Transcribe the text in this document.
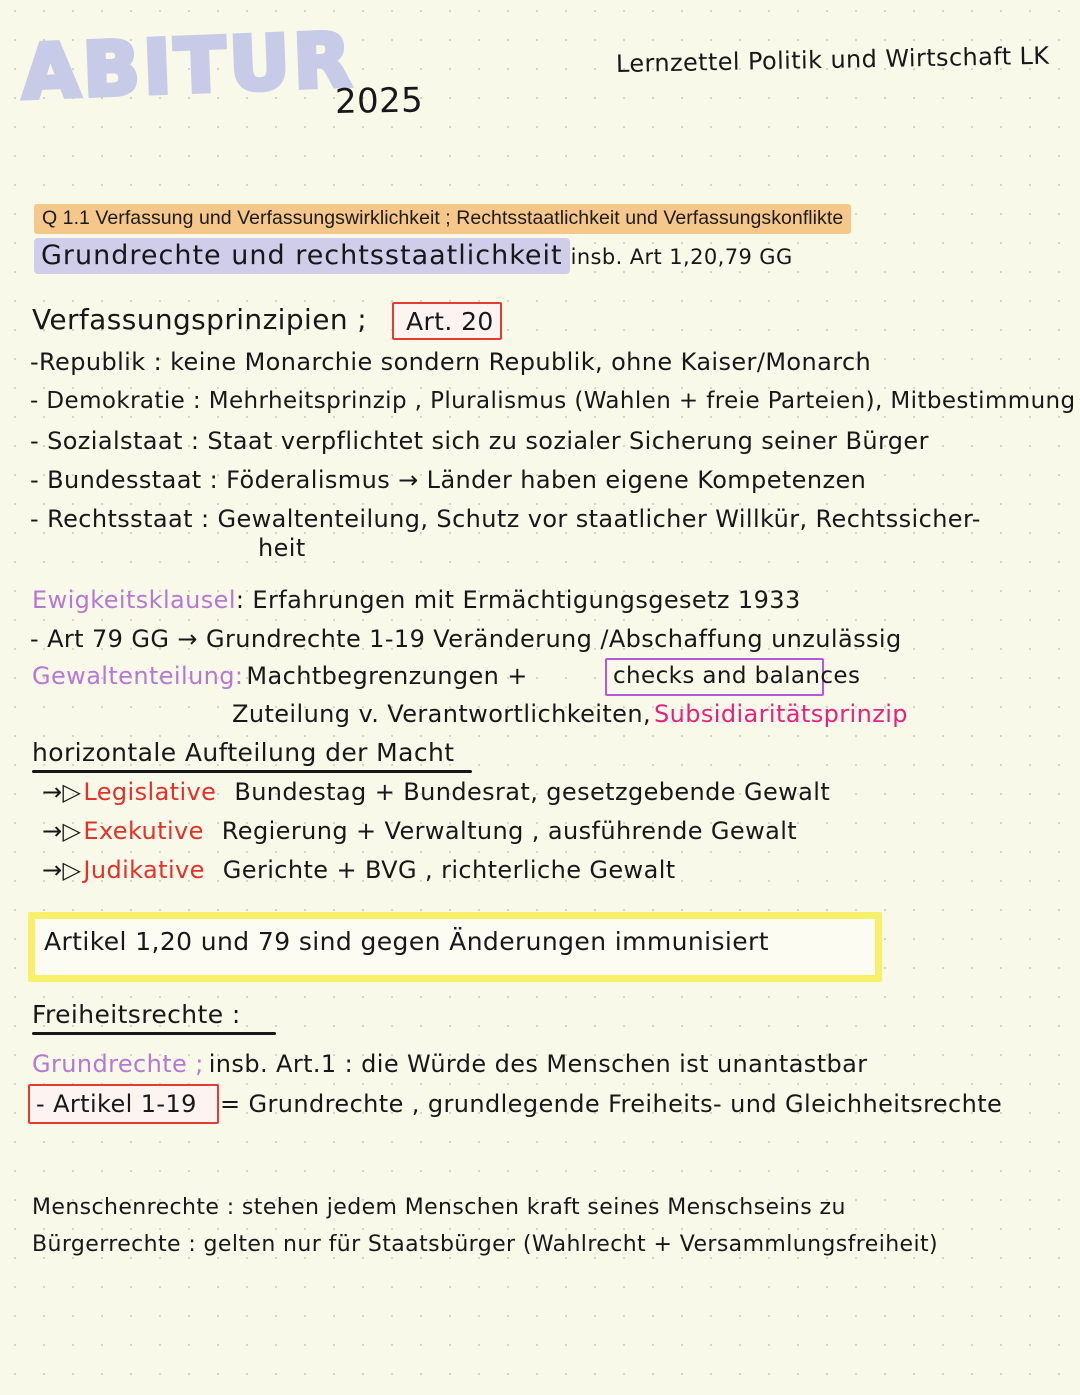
ABITUR
2025
Lernzettel Politik und Wirtschaft LK
Q 1.1 Verfassung und Verfassungswirklichkeit ; Rechtsstaatlichkeit und Verfassungskonflikte
Grundrechte und rechtsstaatlichkeit insb. Art 1,20,79 GG
Verfassungsprinzipien ; Art. 20
-Republik : keine Monarchie sondern Republik, ohne Kaiser/Monarch
- Demokratie : Mehrheitsprinzip , Pluralismus (Wahlen + freie Parteien), Mitbestimmung
- Sozialstaat : Staat verpflichtet sich zu sozialer Sicherung seiner Bürger
- Bundesstaat : Föderalismus → Länder haben eigene Kompetenzen
- Rechtsstaat : Gewaltenteilung, Schutz vor staatlicher Willkür, Rechtssicher-
heit
Ewigkeitsklausel: Erfahrungen mit Ermächtigungsgesetz 1933
- Art 79 GG → Grundrechte 1-19 Veränderung /Abschaffung unzulässig
Gewaltenteilung: Machtbegrenzungen +	checks and balances
Zuteilung v. Verantwortlichkeiten, Subsidiaritätsprinzip
horizontale Aufteilung der Macht
→▷Legislative Bundestag + Bundesrat, gesetzgebende Gewalt
→▷Exekutive Regierung + Verwaltung , ausführende Gewalt
→▷Judikative Gerichte + BVG , richterliche Gewalt
Artikel 1,20 und 79 sind gegen Änderungen immunisiert
Freiheitsrechte :
Grundrechte ; insb. Art.1 : die Würde des Menschen ist unantastbar
- Artikel 1-19 = Grundrechte , grundlegende Freiheits- und Gleichheitsrechte
Menschenrechte : stehen jedem Menschen kraft seines Menschseins zu
Bürgerrechte : gelten nur für Staatsbürger (Wahlrecht + Versammlungsfreiheit)
